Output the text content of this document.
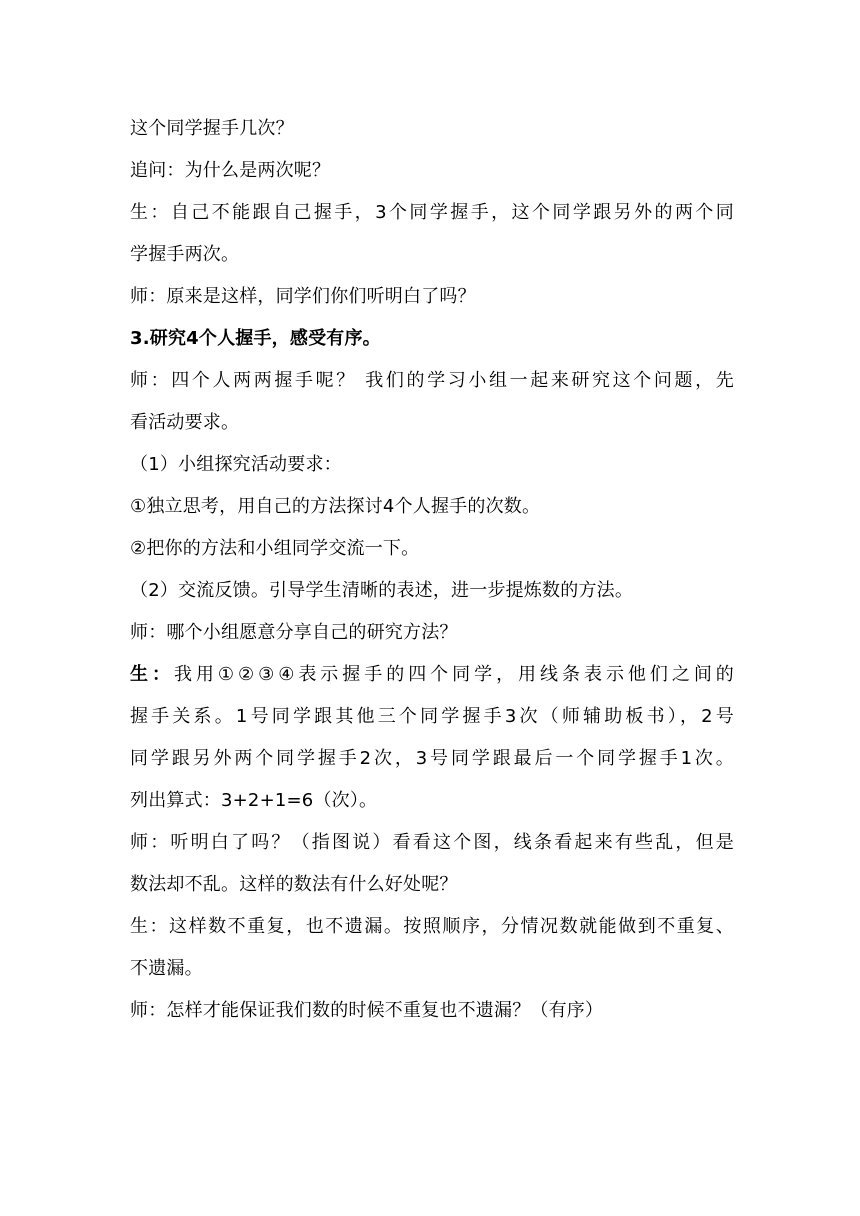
这个同学握手几次？

追问：为什么是两次呢？

生：自己不能跟自己握手，3个同学握手，这个同学跟另外的两个同

学握手两次。

师：原来是这样，同学们你们听明白了吗？

3.研究4个人握手，感受有序。

师：四个人两两握手呢？ 我们的学习小组一起来研究这个问题，先

看活动要求。

（1）小组探究活动要求：

①独立思考，用自己的方法探讨4个人握手的次数。

②把你的方法和小组同学交流一下。

（2）交流反馈。引导学生清晰的表述，进一步提炼数的方法。

师：哪个小组愿意分享自己的研究方法？

生：我用①②③④表示握手的四个同学，用线条表示他们之间的

握手关系。1号同学跟其他三个同学握手3次（师辅助板书），2号

同学跟另外两个同学握手2次，3号同学跟最后一个同学握手1次。

列出算式：3+2+1=6（次）。

师：听明白了吗？（指图说）看看这个图，线条看起来有些乱，但是

数法却不乱。这样的数法有什么好处呢？

生：这样数不重复，也不遗漏。按照顺序，分情况数就能做到不重复、

不遗漏。

师：怎样才能保证我们数的时候不重复也不遗漏？（有序）
